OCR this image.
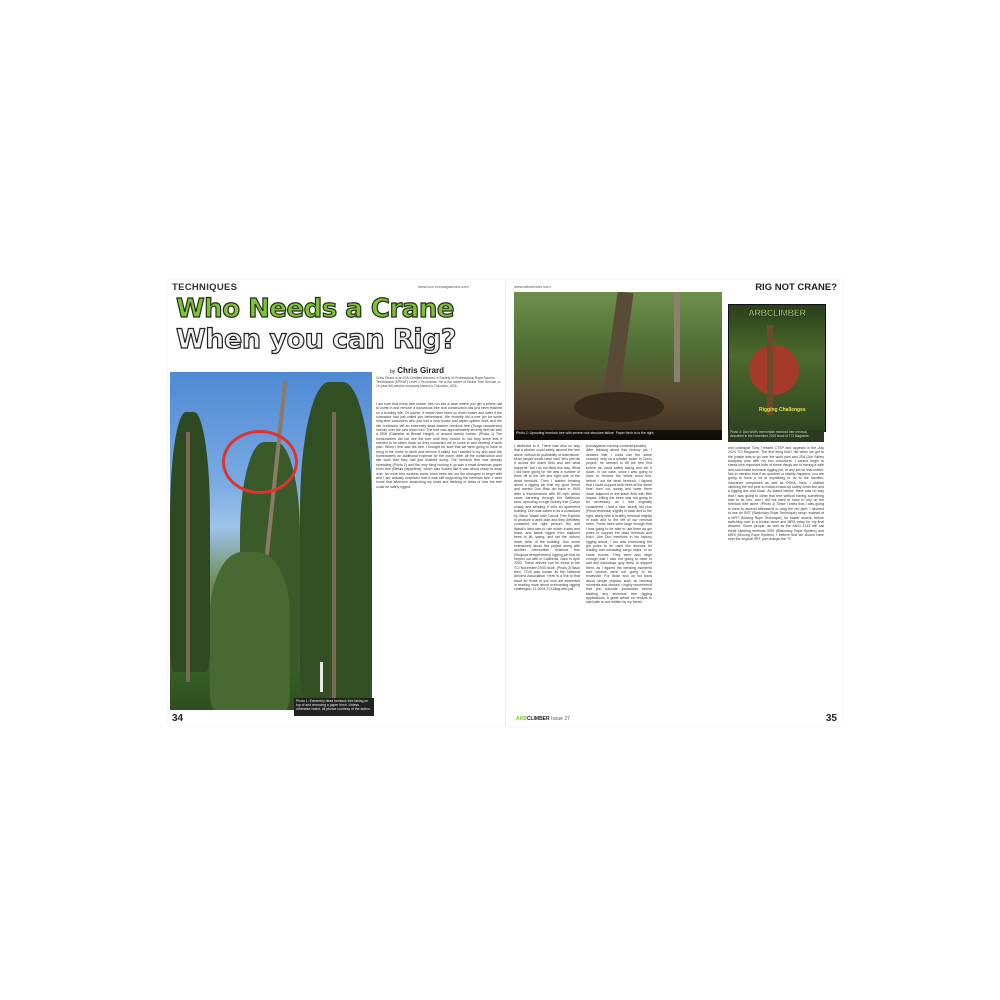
TECHNIQUES	www.xxx.xxxmagazines.com
Who Needs a Crane
When you can Rig?
by Chris Girard
Photo 1: Extremely dead hemlock tree taking on top of and removing a paper birch. Unless otherwise noted, all photos courtesy of the author.
Chris Girard is an ISA Certified Arborist, a Society of Professional Rope Access Technicians (SPRAT) Level 1 Technician. He is the owner of Girard Tree Service, a 10-year full-service company based in Colorado, USA.
I am sure that every tree worker has run into a case where you get a phone call to come in and remove a hazardous tree and construction has just been finished on a building site. Of course, it would have been so much easier and safer if the contractor had just called you beforehand. We recently did a tree job for some long-time customers who just had a new house and septic system built, and the site contractor left an extremely dead eastern hemlock tree (Tsuga canadensis) directly over the new leach bed. The tree was approximately seventy feet tall with a DBH (Diameter at Breast Height) of around twenty inches. (Photo 1) The homeowners did not see the tree until they moved in, but they knew that it needed to be taken down so they contacted me to come in and develop a work plan. When I first saw the tree, I thought for sure that we were going to have to bring in the crane to climb and remove it safely, but I wanted to try and save the homeowners an additional expense for the crane, after all the construction and site work that they had just finished doing. The hemlock tree was already spreading (Photo 2) and the only thing holding it up was a small American paper birch tree (Betula papyrifera), which also looked like it was about ready to snap over. As more tree workers know, birch trees are not the strongest to begin with and I am actually surprised that it was still supporting the hemlock tree. I went home that afternoon scratching my head and thinking of ideas of how the tree could be safely rigged.
34
www.arbclimber.com	RIG NOT CRANE?
Photo 2: Uprooting hemlock tree with severe root structure failure. Paper birch is to the right.
ARBCLIMBER
Rigging Challenges
Photo 3: Dan Wolf's memorable redwood tree removal, described in the November 2015 issue of TCI Magazine.
I attributed to it. There was also no way that a climber could safely ascend the tree alone, without its probability of total failure. Most people would have said "let's just fail it across the leach field and see what happens" but I do not think this way. What I did have going for me was a number of trees off to the left and right side of the dead hemlock. Then I started thinking about a rigging job that my good friend and mentor Don Blair did back in 1993 after a thunderstorm with 80 mph winds came barreling through the Baltimore area, uprooting a huge hickory tree (Carya ovata) and sending it onto an apartment building. Don was called in as a consultant by Steve Wasik with Carroll Tree Experts to produce a work plan and they definitely contacted the right person! His and Wasik's idea was to use winch trucks and block, and tackle rigged from adjacent trees to lift, swing, and set the hickory down clear of the building. Don wrote extensively about this project along with another memorable redwood tree (Sequoia sempervirens) rigging job that he helped out with in California, back in April 2003. These articles can be found in the TCI November 2003 issue. (Photo 3) Back then, TCIA was known as the National Arborist Association. Here is a link to that issue for those of you who are interested in reading more about overcoming rigging challenges: 11-2003-TCI-Mag.web.pdf
(tcimagazine.com/wp-content/uploads). After thinking about this hickory job, I decided that I could use the same concept, only on a smaller scale. In Don's project, he needed to lift the tree first before he could safely swing and set it down. In our case, since I was going to have to remove the whole birch first, before I cut the dead hemlock, I figured that I could support both trees at the same time, then cut, swing and lower them down adjacent to the leach field with little impact. Lifting the trees was not going to be necessary, as I had originally considered. I had a nice, sturdy red pine (Pinus resinosa) slightly in back and to the right, along with a healthy hemlock slightly in back and to the left of our removal trees. These trees were large enough that I was going to be able to use them as gin poles to support the dead hemlock and birch. Like Don mentions in his hickory rigging article, I too was envisioning the gin poles to be used like derricks for loading and unloading cargo ships, or as crane booms. They were also large enough that I was not going to have to add any backstays (guy lines) to support them, as I figured the bending moments and vectors were not going to be excessive. For those who do not know about simple physics such as bending moments and vectors, I highly recommend that you educate yourselves before tackling any technical tree rigging applications. A great article on vectors to start with is one written by my friend
and colleague Tony Tresselt CTSP and appears in the July 2024 TCI Magazine. The first thing that I did when we got to the jobsite was to go over the work plan and JSA (Job Safety Analysis) plan with my two coworkers. I cannot begin to stress how important both of these things are to having a safe and successful technical rigging job, or any job for that matter. Not to mention that if an accident or fatality happens, you are going to have a lot of explaining to do to the families, insurance companies as well as OSHA. Next, I started climbing the red pine to install a back-up safety climb line and a rigging line and block. As stated before, there was no way that I was going to climb that tree without having something else to tie into, and I did not want to have to rely on the hemlock tree alone. (Photo 4) Since I knew that I was going to have to ascend afterwards to drag the red pine, I decided to use an SRT (Stationary Rope Technique) setup, instead of a MRT (Moving Rope Technique), for easier ascent, before switching over to a friction saver and MRS setup for my final descent. Some people, as well as the ANSI Z133 will call these climbing methods SRS (Stationary Rope System) and MRS (Moving Rope System). I believe that we should have kept the original SRT, just change the "S"
ARBCLIMBER Issue 27	35
